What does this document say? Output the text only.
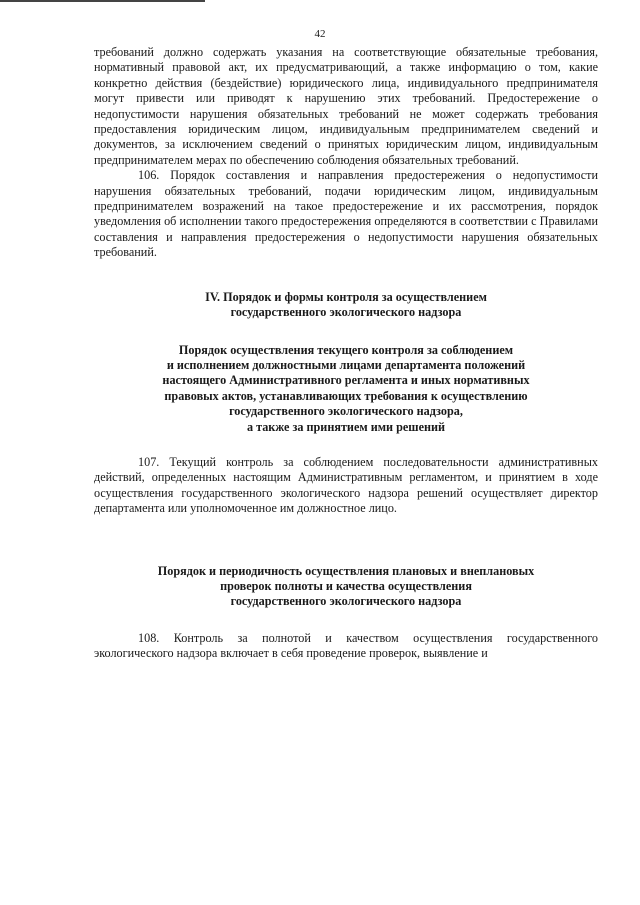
42

требований должно содержать указания на соответствующие обязательные требования, нормативный правовой акт, их предусматривающий, а также информацию о том, какие конкретно действия (бездействие) юридического лица, индивидуального предпринимателя могут привести или приводят к нарушению этих требований. Предостережение о недопустимости нарушения обязательных требований не может содержать требования предоставления юридическим лицом, индивидуальным предпринимателем сведений и документов, за исключением сведений о принятых юридическим лицом, индивидуальным предпринимателем мерах по обеспечению соблюдения обязательных требований.

106. Порядок составления и направления предостережения о недопустимости нарушения обязательных требований, подачи юридическим лицом, индивидуальным предпринимателем возражений на такое предостережение и их рассмотрения, порядок уведомления об исполнении такого предостережения определяются в соответствии с Правилами составления и направления предостережения о недопустимости нарушения обязательных требований.

IV. Порядок и формы контроля за осуществлением
государственного экологического надзора
Порядок осуществления текущего контроля за соблюдением
и исполнением должностными лицами департамента положений
настоящего Административного регламента и иных нормативных
правовых актов, устанавливающих требования к осуществлению
государственного экологического надзора,
а также за принятием ими решений

107. Текущий контроль за соблюдением последовательности административных действий, определенных настоящим Административным регламентом, и принятием в ходе осуществления государственного экологического надзора решений осуществляет директор департамента или уполномоченное им должностное лицо.

Порядок и периодичность осуществления плановых и внеплановых
проверок полноты и качества осуществления
государственного экологического надзора

108. Контроль за полнотой и качеством осуществления государственного экологического надзора включает в себя проведение проверок, выявление и
